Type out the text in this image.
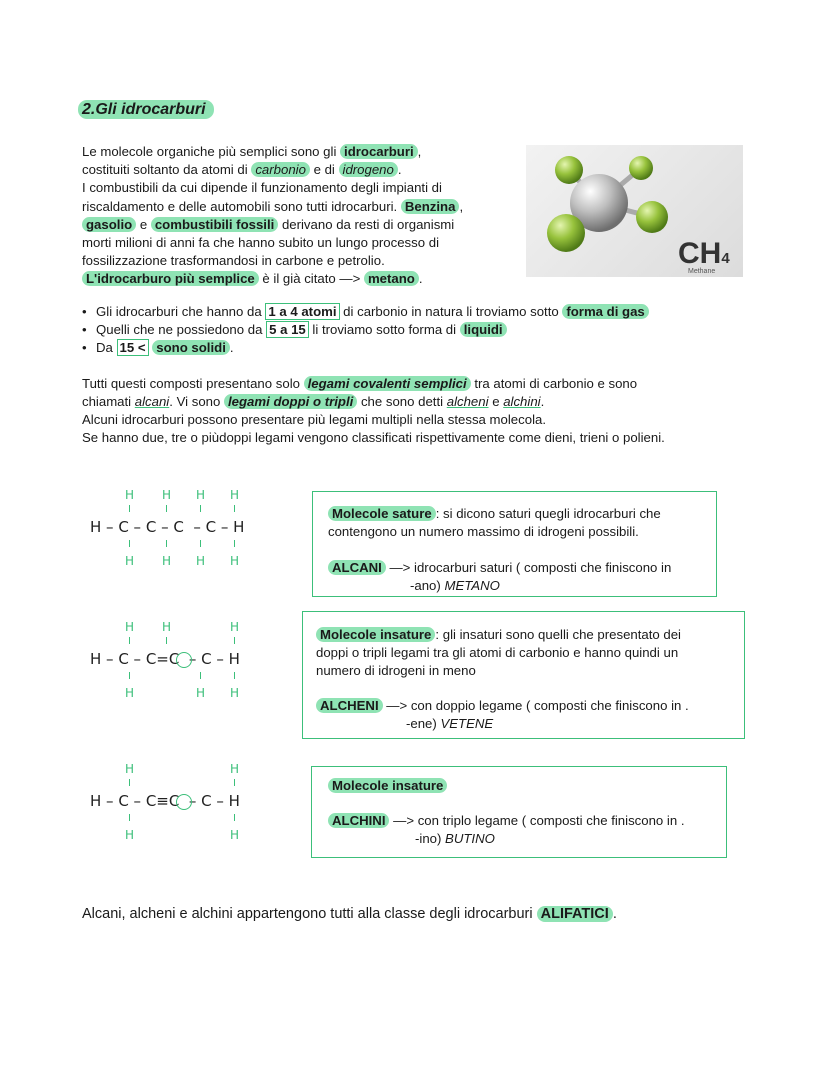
2.Gli idrocarburi

Le molecole organiche più semplici sono gli idrocarburi ,

costituiti soltanto da atomi di carbonio e di idrogeno .

I combustibili da cui dipende il funzionamento degli impianti di

riscaldamento e delle automobili sono tutti idrocarburi. Benzina ,

gasolio e combustibili fossili derivano da resti di organismi

morti milioni di anni fa che hanno subito un lungo processo di

fossilizzazione trasformandosi in carbone e petrolio.

L'idrocarburo più semplice è il già citato —> metano .

CH4
Methane
• Gli idrocarburi che hanno da 1 a 4 atomi di carbonio in natura li troviamo sotto forma di gas
• Quelli che ne possiedono da 5 a 15 li troviamo sotto forma di liquidi
• Da 15 < sono solidi .

Tutti questi composti presentano solo legami covalenti semplici tra atomi di carbonio e sono

chiamati alcani. Vi sono legami doppi o tripli che sono detti alcheni e alchini.

Alcuni idrocarburi possono presentare più legami multipli nella stessa molecola.

Se hanno due, tre o piùdoppi legami vengono classificati rispettivamente come dieni, trieni o polieni.

H H H H
H – C – C – C  – C – H
H H H H

Molecole sature : si dicono saturi quegli idrocarburi che

contengono un numero massimo di idrogeni possibili.

ALCANI —> idrocarburi saturi ( composti che finiscono in

-ano) METANO

H H	H
H – C – C=C  – C – H
H	H H

Molecole insature : gli insaturi sono quelli che presentato dei

doppi o tripli legami tra gli atomi di carbonio e hanno quindi un

numero di idrogeni in meno

ALCHENI —> con doppio legame ( composti che finiscono in .

-ene) VETENE

H	H
H – C – C≡C  – C – H
H	H

Molecole insature

ALCHINI —> con triplo legame ( composti che finiscono in .

-ino) BUTINO

Alcani, alcheni e alchini appartengono tutti alla classe degli idrocarburi ALIFATICI .
